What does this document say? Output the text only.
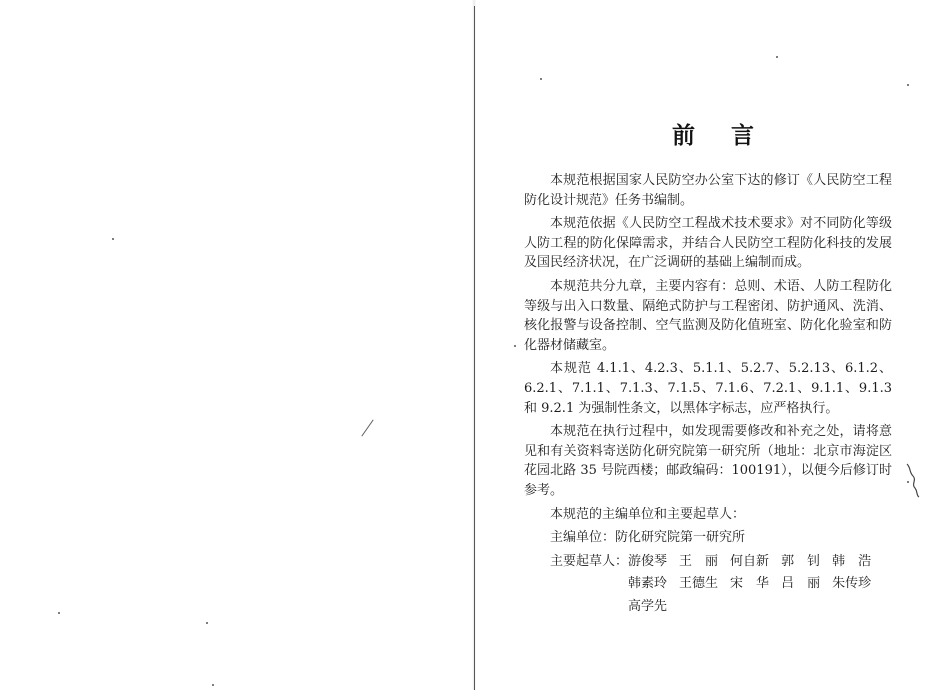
前 言

本规范根据国家人民防空办公室下达的修订《人民防空工程防化设计规范》任务书编制。

本规范依据《人民防空工程战术技术要求》对不同防化等级人防工程的防化保障需求，并结合人民防空工程防化科技的发展及国民经济状况，在广泛调研的基础上编制而成。

本规范共分九章，主要内容有：总则、术语、人防工程防化等级与出入口数量、隔绝式防护与工程密闭、防护通风、洗消、核化报警与设备控制、空气监测及防化值班室、防化化验室和防化器材储藏室。

本规范 4.1.1、4.2.3、5.1.1、5.2.7、5.2.13、6.1.2、6.2.1、7.1.1、7.1.3、7.1.5、7.1.6、7.2.1、9.1.1、9.1.3 和 9.2.1 为强制性条文，以黑体字标志，应严格执行。

本规范在执行过程中，如发现需要修改和补充之处，请将意见和有关资料寄送防化研究院第一研究所（地址：北京市海淀区花园北路 35 号院西楼；邮政编码：100191），以便今后修订时参考。

本规范的主编单位和主要起草人：
主编单位：防化研究院第一研究所
主要起草人： 游俊琴 王　丽 何自新 郭　钊 韩　浩
韩素玲 王德生 宋　华 吕　丽 朱传珍
高学先
